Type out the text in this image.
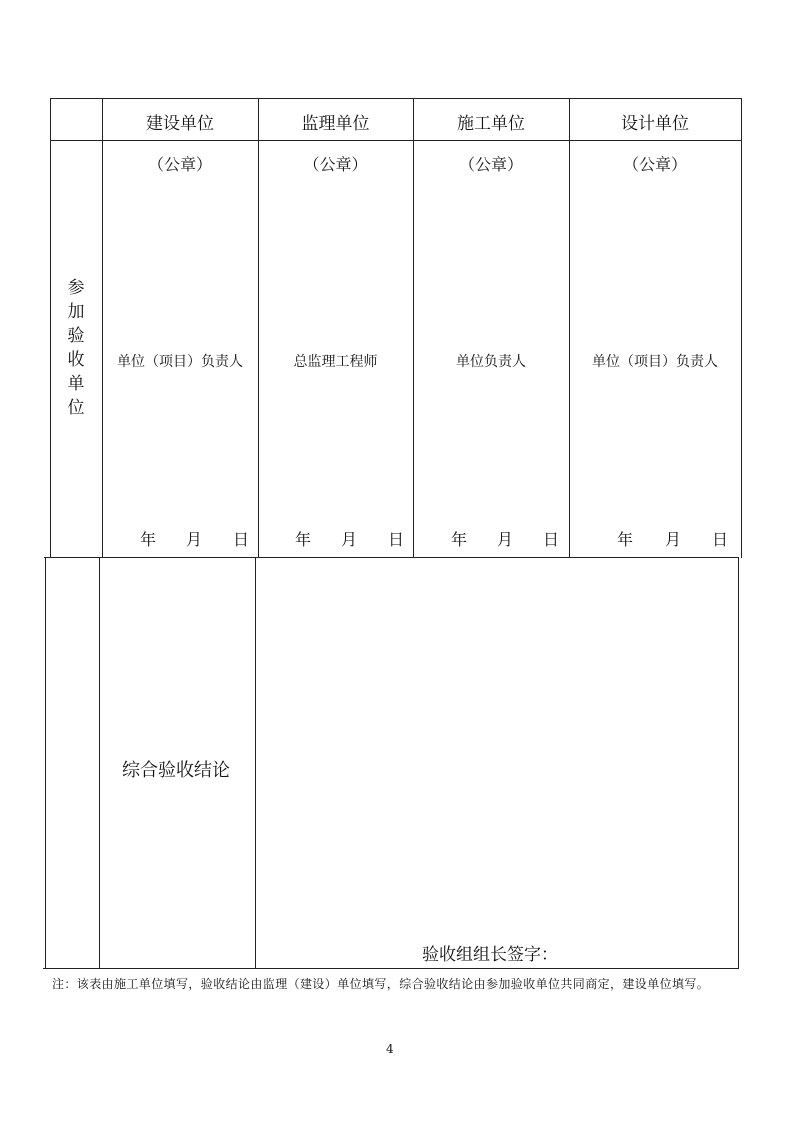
建设单位	监理单位	施工单位	设计单位
参加验收单位
（公章）	（公章）	（公章）	（公章）
单位（项目）负责人	总监理工程师	单位负责人	单位（项目）负责人
年 月 日	年 月 日	年 月 日	年 月 日
综合验收结论
验收组组长签字：
注：该表由施工单位填写，验收结论由监理（建设）单位填写，综合验收结论由参加验收单位共同商定，建设单位填写。
4
